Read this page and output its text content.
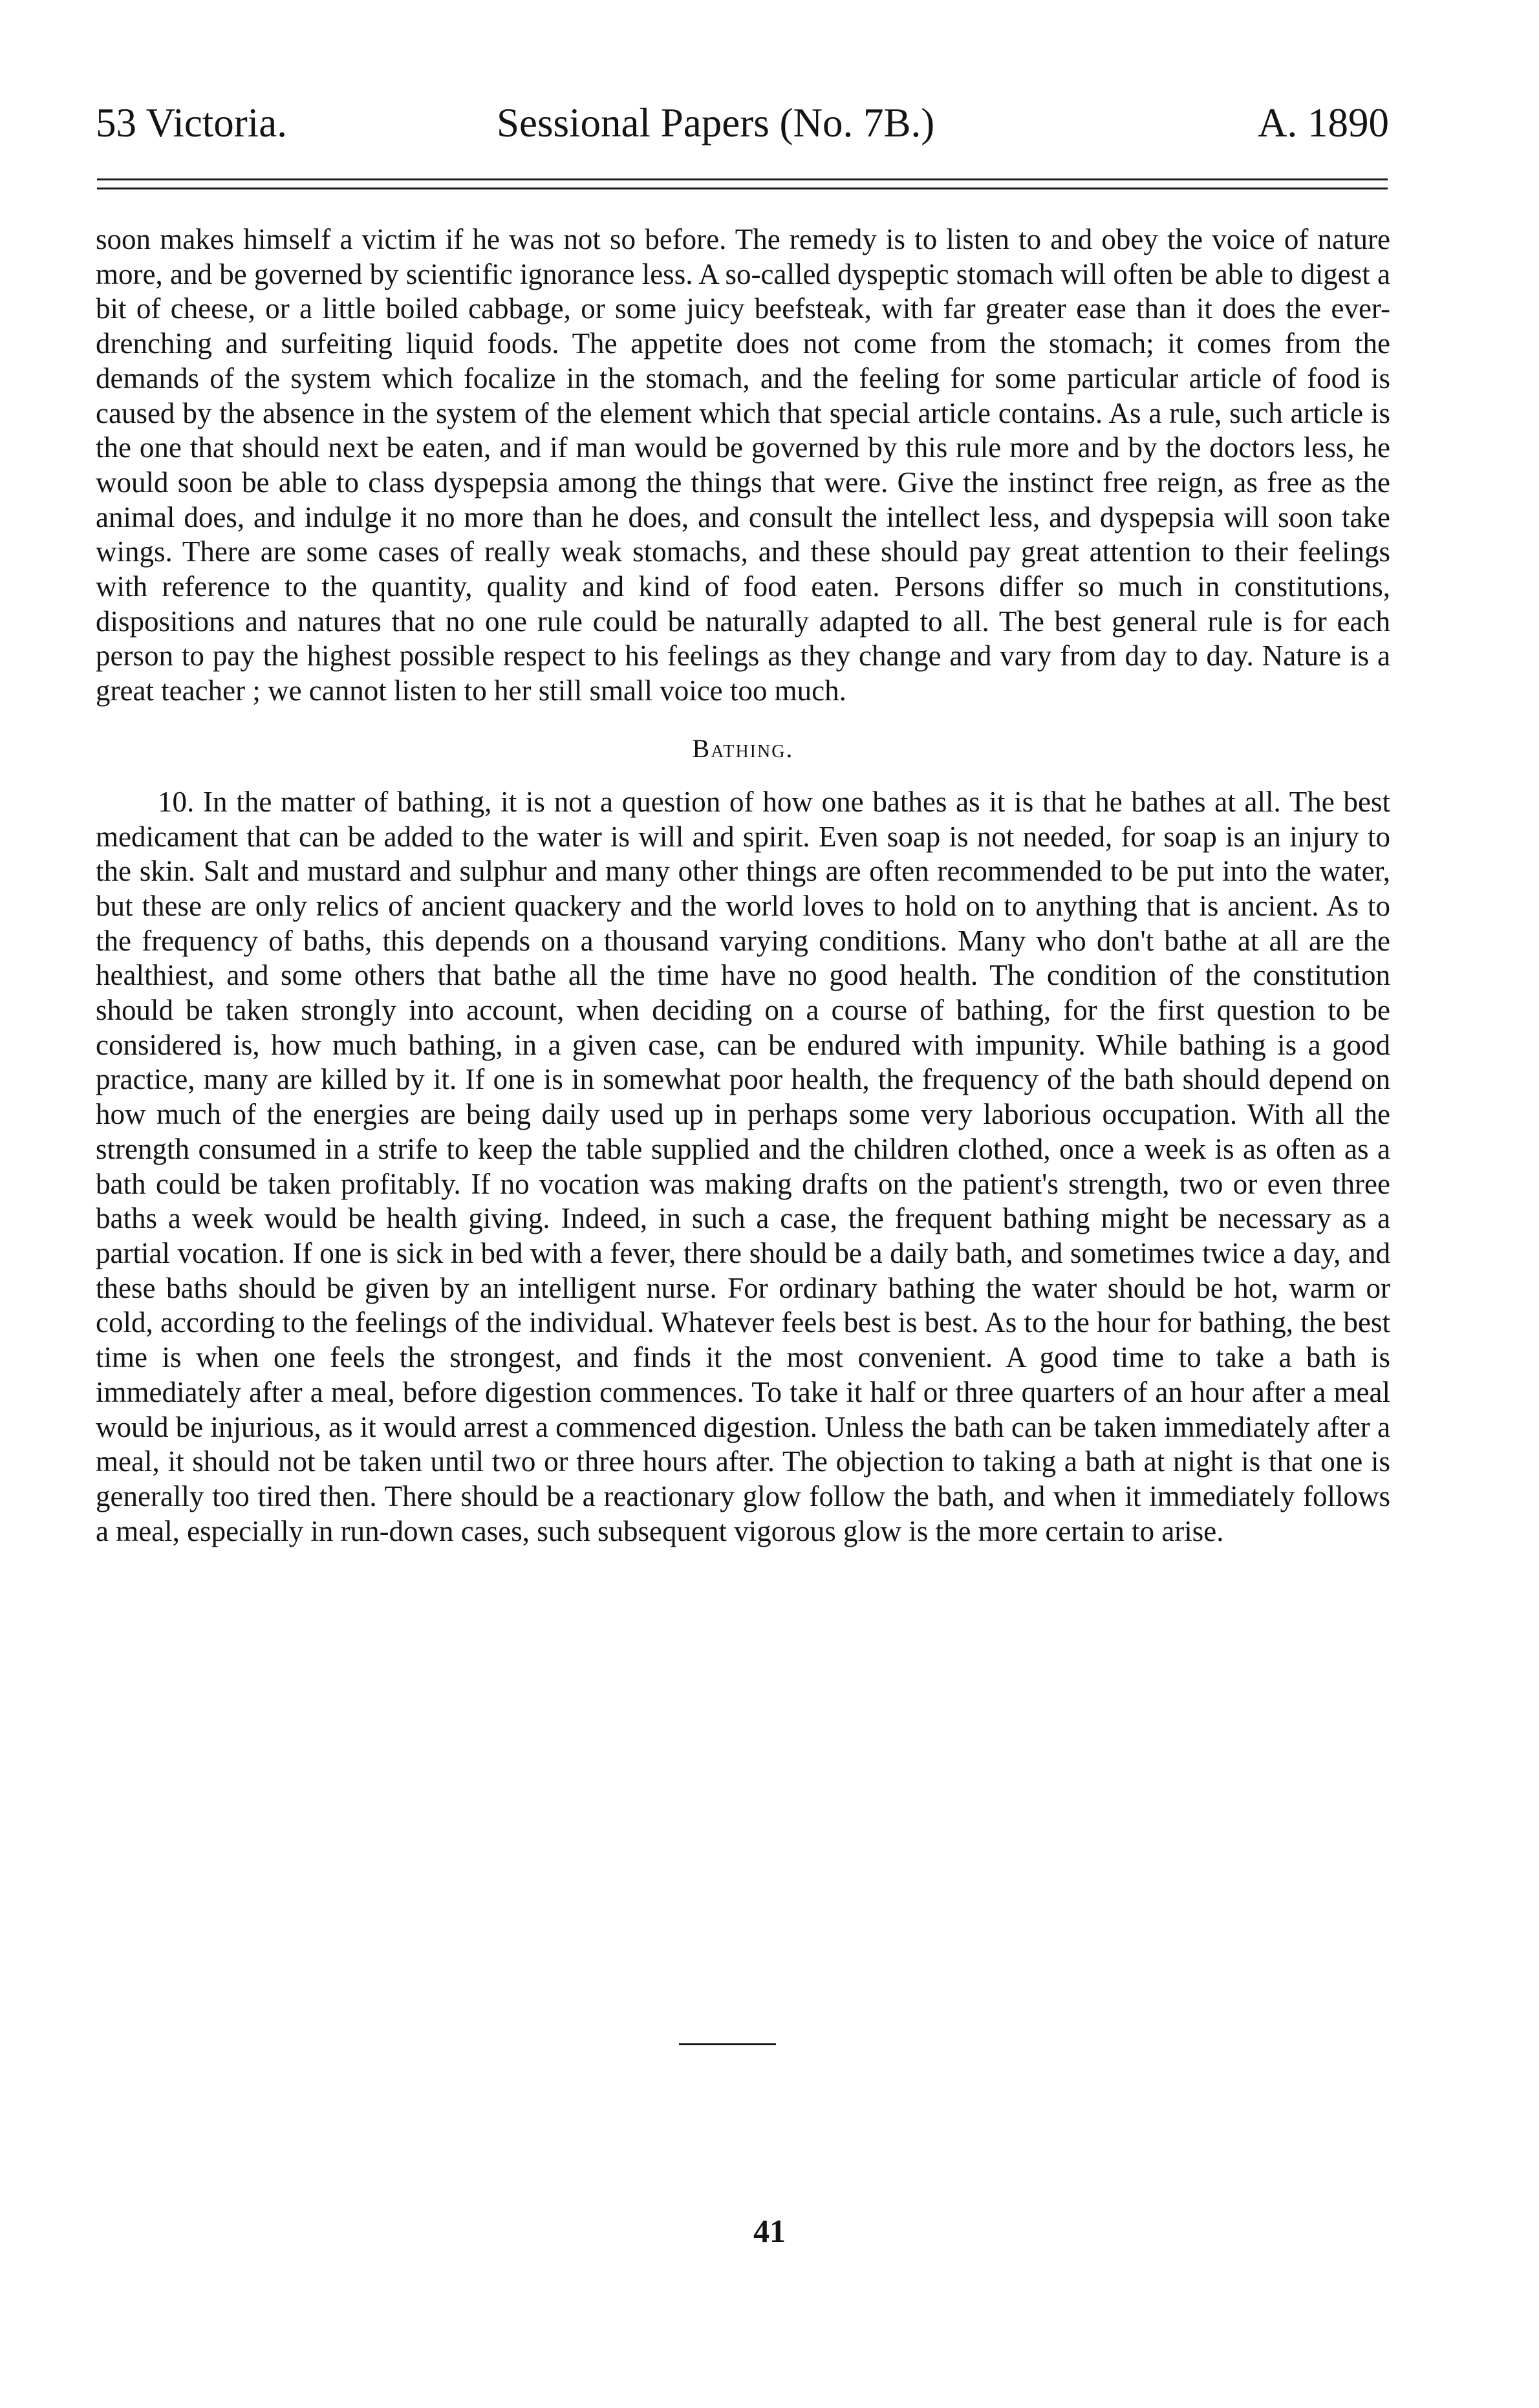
53 Victoria.	Sessional Papers (No. 7B.)	A. 1890

soon makes himself a victim if he was not so before. The remedy is to listen to and obey the voice of nature more, and be governed by scientific ignorance less. A so-called dyspeptic stomach will often be able to digest a bit of cheese, or a little boiled cabbage, or some juicy beefsteak, with far greater ease than it does the ever-drenching and surfeiting liquid foods. The appetite does not come from the stomach; it comes from the demands of the system which focalize in the stomach, and the feeling for some particular article of food is caused by the absence in the system of the element which that special article contains. As a rule, such article is the one that should next be eaten, and if man would be governed by this rule more and by the doctors less, he would soon be able to class dyspepsia among the things that were. Give the instinct free reign, as free as the animal does, and indulge it no more than he does, and consult the intellect less, and dyspepsia will soon take wings. There are some cases of really weak stomachs, and these should pay great attention to their feelings with reference to the quantity, quality and kind of food eaten. Persons differ so much in constitutions, dispositions and natures that no one rule could be naturally adapted to all. The best general rule is for each person to pay the highest possible respect to his feelings as they change and vary from day to day. Nature is a great teacher ; we cannot listen to her still small voice too much.

Bathing.

10. In the matter of bathing, it is not a question of how one bathes as it is that he bathes at all. The best medicament that can be added to the water is will and spirit. Even soap is not needed, for soap is an injury to the skin. Salt and mustard and sulphur and many other things are often recommended to be put into the water, but these are only relics of ancient quackery and the world loves to hold on to anything that is ancient. As to the frequency of baths, this depends on a thousand varying conditions. Many who don't bathe at all are the healthiest, and some others that bathe all the time have no good health. The condition of the constitution should be taken strongly into account, when deciding on a course of bathing, for the first question to be considered is, how much bathing, in a given case, can be endured with impunity. While bathing is a good practice, many are killed by it. If one is in somewhat poor health, the frequency of the bath should depend on how much of the energies are being daily used up in perhaps some very laborious occupation. With all the strength consumed in a strife to keep the table supplied and the children clothed, once a week is as often as a bath could be taken profitably. If no vocation was making drafts on the patient's strength, two or even three baths a week would be health giving. Indeed, in such a case, the frequent bathing might be necessary as a partial vocation. If one is sick in bed with a fever, there should be a daily bath, and sometimes twice a day, and these baths should be given by an intelligent nurse. For ordinary bathing the water should be hot, warm or cold, according to the feelings of the individual. Whatever feels best is best. As to the hour for bathing, the best time is when one feels the strongest, and finds it the most convenient. A good time to take a bath is immediately after a meal, before digestion commences. To take it half or three quarters of an hour after a meal would be injurious, as it would arrest a commenced digestion. Unless the bath can be taken immediately after a meal, it should not be taken until two or three hours after. The objection to taking a bath at night is that one is generally too tired then. There should be a reactionary glow follow the bath, and when it immediately follows a meal, especially in run-down cases, such subsequent vigorous glow is the more certain to arise.

41
